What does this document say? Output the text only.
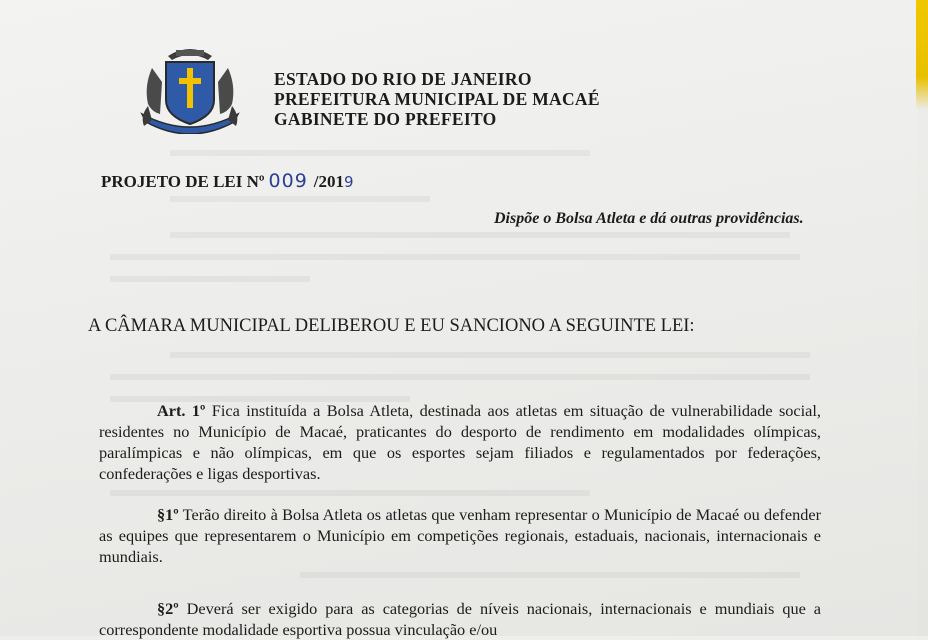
ESTADO DO RIO DE JANEIRO
PREFEITURA MUNICIPAL DE MACAÉ
GABINETE DO PREFEITO
PROJETO DE LEI Nº 009 /2019
Dispõe o Bolsa Atleta e dá outras providências.
A CÂMARA MUNICIPAL DELIBEROU E EU SANCIONO A SEGUINTE LEI:
Art. 1º Fica instituída a Bolsa Atleta, destinada aos atletas em situação de vulnerabilidade social, residentes no Município de Macaé, praticantes do desporto de rendimento em modalidades olímpicas, paralímpicas e não olímpicas, em que os esportes sejam filiados e regulamentados por federações, confederações e ligas desportivas.
§1º Terão direito à Bolsa Atleta os atletas que venham representar o Município de Macaé ou defender as equipes que representarem o Município em competições regionais, estaduais, nacionais, internacionais e mundiais.
§2º Deverá ser exigido para as categorias de níveis nacionais, internacionais e mundiais que a correspondente modalidade esportiva possua vinculação e/ou
